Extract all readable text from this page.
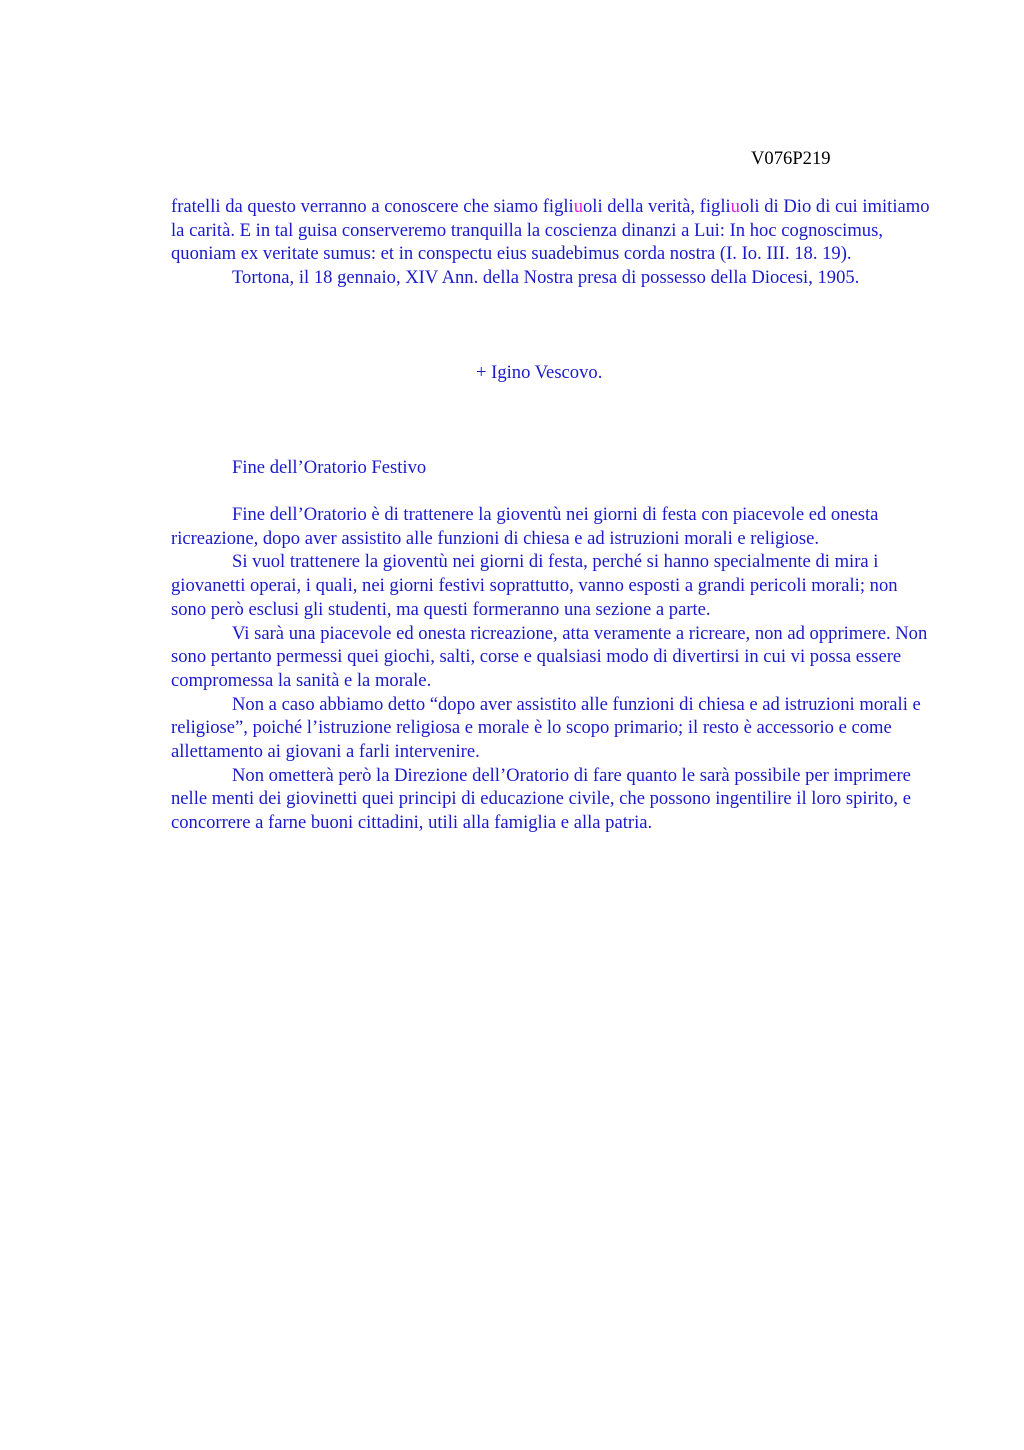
V076P219

fratelli da questo verranno a conoscere che siamo figliuoli della verità, figliuoli di Dio di cui imitiamo la carità. E in tal guisa conserveremo tranquilla la coscienza dinanzi a Lui: In hoc cognoscimus, quoniam ex veritate sumus: et in conspectu eius suadebimus corda nostra (I. Io. III. 18. 19).

Tortona, il 18 gennaio, XIV Ann. della Nostra presa di possesso della Diocesi, 1905.

+ Igino Vescovo.
Fine dell’Oratorio Festivo

Fine dell’Oratorio è di trattenere la gioventù nei giorni di festa con piacevole ed onesta ricreazione, dopo aver assistito alle funzioni di chiesa e ad istruzioni morali e religiose.

Si vuol trattenere la gioventù nei giorni di festa, perché si hanno specialmente di mira i giovanetti operai, i quali, nei giorni festivi soprattutto, vanno esposti a grandi pericoli morali; non sono però esclusi gli studenti, ma questi formeranno una sezione a parte.

Vi sarà una piacevole ed onesta ricreazione, atta veramente a ricreare, non ad opprimere. Non sono pertanto permessi quei giochi, salti, corse e qualsiasi modo di divertirsi in cui vi possa essere compromessa la sanità e la morale.

Non a caso abbiamo detto “dopo aver assistito alle funzioni di chiesa e ad istruzioni morali e religiose”, poiché l’istruzione religiosa e morale è lo scopo primario; il resto è accessorio e come allettamento ai giovani a farli intervenire.

Non ometterà però la Direzione dell’Oratorio di fare quanto le sarà possibile per imprimere nelle menti dei giovinetti quei principi di educazione civile, che possono ingentilire il loro spirito, e concorrere a farne buoni cittadini, utili alla famiglia e alla patria.
